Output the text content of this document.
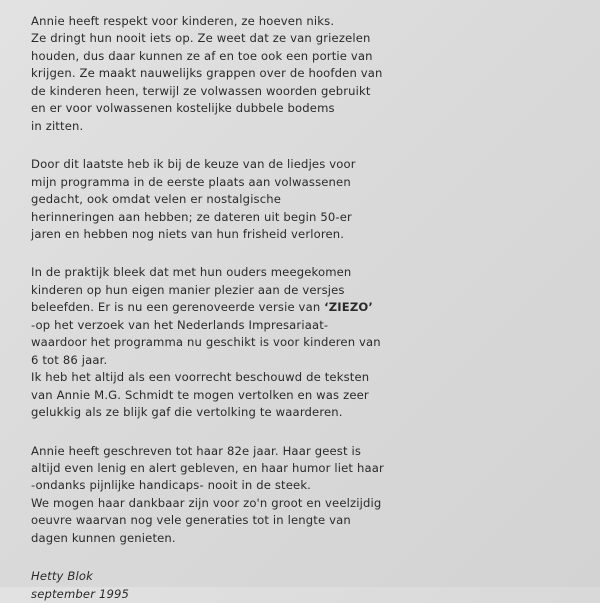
Annie heeft respekt voor kinderen, ze hoeven niks.
Ze dringt hun nooit iets op. Ze weet dat ze van griezelen
houden, dus daar kunnen ze af en toe ook een portie van
krijgen. Ze maakt nauwelijks grappen over de hoofden van
de kinderen heen, terwijl ze volwassen woorden gebruikt
en er voor volwassenen kostelijke dubbele bodems
in zitten.
Door dit laatste heb ik bij de keuze van de liedjes voor
mijn programma in de eerste plaats aan volwassenen
gedacht, ook omdat velen er nostalgische
herinneringen aan hebben; ze dateren uit begin 50-er
jaren en hebben nog niets van hun frisheid verloren.
In de praktijk bleek dat met hun ouders meegekomen
kinderen op hun eigen manier plezier aan de versjes
beleefden. Er is nu een gerenoveerde versie van ‘ZIEZO’
-op het verzoek van het Nederlands Impresariaat-
waardoor het programma nu geschikt is voor kinderen van
6 tot 86 jaar.
Ik heb het altijd als een voorrecht beschouwd de teksten
van Annie M.G. Schmidt te mogen vertolken en was zeer
gelukkig als ze blijk gaf die vertolking te waarderen.
Annie heeft geschreven tot haar 82e jaar. Haar geest is
altijd even lenig en alert gebleven, en haar humor liet haar
-ondanks pijnlijke handicaps- nooit in de steek.
We mogen haar dankbaar zijn voor zo'n groot en veelzijdig
oeuvre waarvan nog vele generaties tot in lengte van
dagen kunnen genieten.
Hetty Blok
september 1995
